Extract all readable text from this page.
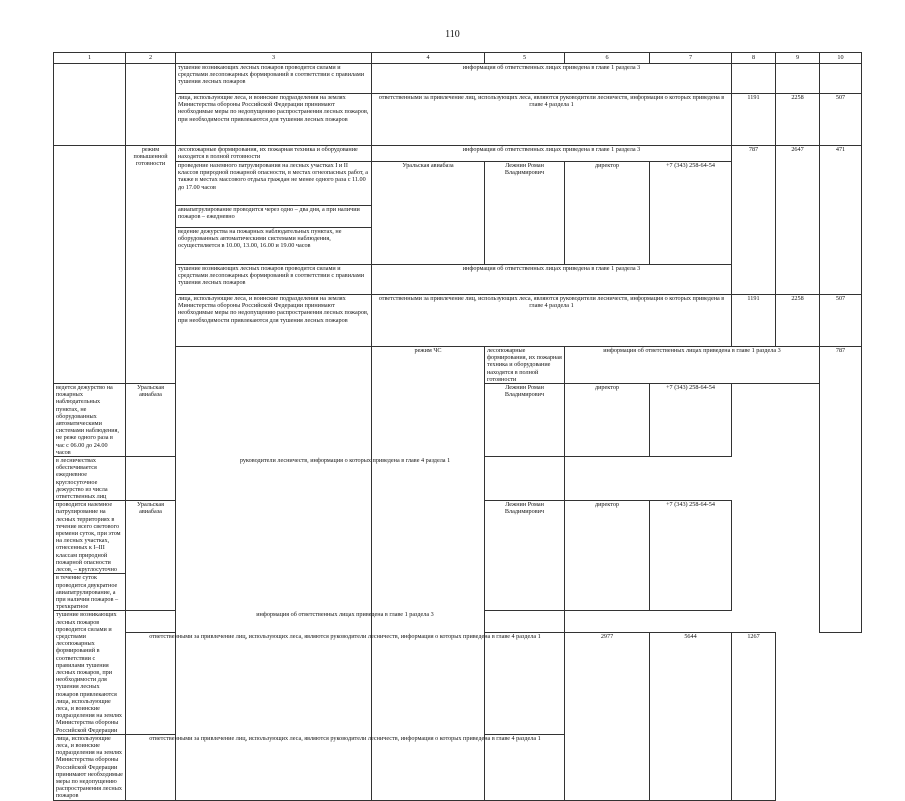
110
1	2	3	4	5	6	7	8	9	10	
		тушение возникающих лесных пожаров проводится силами и средствами лесопожарных формирований в соответствии с правилами тушения лесных пожаров	информация об ответственных лицах приведена в главе 1 раздела 3							
		лица, использующие леса, и воинские подразделения на землях Министерства обороны Российской Федерации принимают необходимые меры по недопущению распространения лесных пожаров, при необходимости привлекаются для тушения лесных пожаров	ответственными за привлечение лиц, использующих леса, являются руководители лесничеств, информация о которых приведена в главе 4 раздела 1				1191	2258	507	
	режим повышенной готовности	лесопожарные формирования, их пожарная техника и оборудование находятся в полной готовности	информация об ответственных лицах приведена в главе 1 раздела 3				787	2647	471	
		проведение наземного патрулирования на лесных участках I и II классов природной пожарной опасности, в местах огнеопасных работ, а также в местах массового отдыха граждан не менее одного раза с 11.00 до 17.00 часов	Уральская авиабаза	Лежнин Роман Владимирович	директор	+7 (343) 258-64-54				
		авиапатрулирование проводится через одно – два дня, а при наличии пожаров – ежедневно								
		ведение дежурства на пожарных наблюдательных пунктах, не оборудованных автоматическими системами наблюдения, осуществляется в 10.00, 13.00, 16.00 и 19.00 часов								
		тушение возникающих лесных пожаров проводится силами и средствами лесопожарных формирований в соответствии с правилами тушения лесных пожаров	информация об ответственных лицах приведена в главе 1 раздела 3							
		лица, использующие леса, и воинские подразделения на землях Министерства обороны Российской Федерации принимают необходимые меры по недопущению распространения лесных пожаров, при необходимости привлекаются для тушения лесных пожаров	ответственными за привлечение лиц, использующих леса, являются руководители лесничеств, информация о которых приведена в главе 4 раздела 1				1191	2258	507	
			режим ЧС	лесопожарные формирования, их пожарная техника и оборудование находятся в полной готовности	информация об ответственных лицах приведена в главе 1 раздела 3				787		
ведется дежурство на пожарных наблюдательных пунктах, не оборудованных автоматическими системами наблюдения, не реже одного раза в час с 06.00 до 24.00 часов	Уральская авиабаза			Лежнин Роман Владимирович	директор	+7 (343) 258-64-54				
в лесничествах обеспечивается ежедневное круглосуточное дежурство из числа ответственных лиц	руководители лесничеств, информация о которых приведена в главе 4 раздела 1									
проводится наземное патрулирование на лесных территориях в течение всего светового времени суток, при этом на лесных участках, отнесенных к I–III классам природной пожарной опасности лесов, – круглосуточно	Уральская авиабаза			Лежнин Роман Владимирович	директор	+7 (343) 258-64-54				
в течение суток проводится двукратное авиапатрулирование, а при наличии пожаров – трехкратное										
тушение возникающих лесных пожаров проводится силами и средствами лесопожарных формирований в соответствии с правилами тушения лесных пожаров, при необходимости для тушения лесных пожаров привлекаются лица, использующие леса, и воинские подразделения на землях Министерства обороны Российской Федерации	информация об ответственных лицах приведена в главе 1 раздела 3									
	ответственными за привлечение лиц, использующих леса, являются руководители лесничеств, информация о которых приведена в главе 4 раздела 1				2977	5644	1267			
лица, использующие леса, и воинские подразделения на землях Министерства обороны Российской Федерации принимают необходимые меры по недопущению распространения лесных пожаров	ответственными за привлечение лиц, использующих леса, являются руководители лесничеств, информация о которых приведена в главе 4 раздела 1									
